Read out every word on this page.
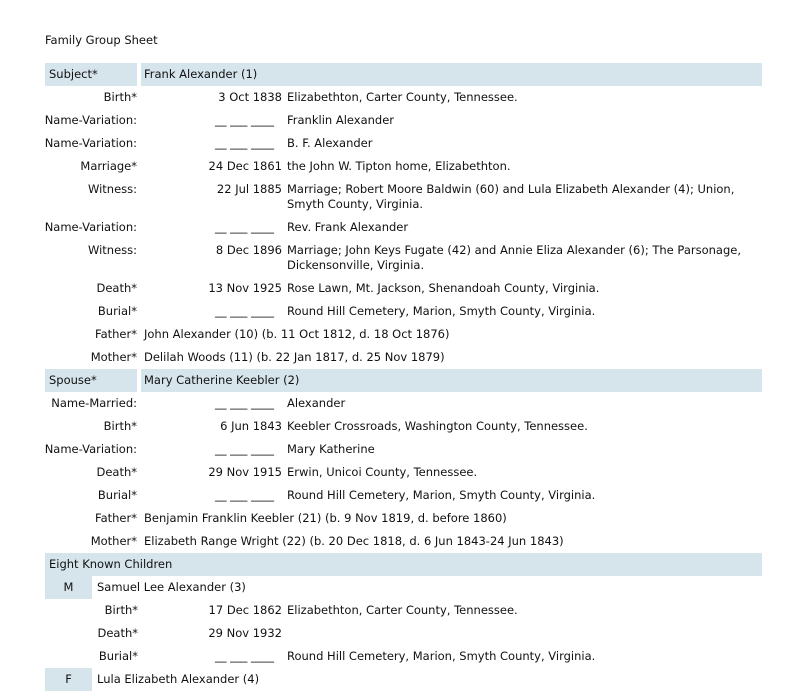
Family Group Sheet
Subject*	Frank Alexander (1)
Birth*	3 Oct 1838 Elizabethton, Carter County, Tennessee.
Name-Variation:	__ ___ ____ Franklin Alexander
Name-Variation:	__ ___ ____ B. F. Alexander
Marriage*	24 Dec 1861 the John W. Tipton home, Elizabethton.
Witness:	22 Jul 1885 Marriage; Robert Moore Baldwin (60) and Lula Elizabeth Alexander (4); Union, Smyth County, Virginia.
Name-Variation:	__ ___ ____ Rev. Frank Alexander
Witness:	8 Dec 1896 Marriage; John Keys Fugate (42) and Annie Eliza Alexander (6); The Parsonage, Dickensonville, Virginia.
Death*	13 Nov 1925 Rose Lawn, Mt. Jackson, Shenandoah County, Virginia.
Burial*	__ ___ ____ Round Hill Cemetery, Marion, Smyth County, Virginia.
Father* John Alexander (10) (b. 11 Oct 1812, d. 18 Oct 1876)
Mother* Delilah Woods (11) (b. 22 Jan 1817, d. 25 Nov 1879)
Spouse*	Mary Catherine Keebler (2)
Name-Married:	__ ___ ____ Alexander
Birth*	6 Jun 1843 Keebler Crossroads, Washington County, Tennessee.
Name-Variation:	__ ___ ____ Mary Katherine
Death*	29 Nov 1915 Erwin, Unicoi County, Tennessee.
Burial*	__ ___ ____ Round Hill Cemetery, Marion, Smyth County, Virginia.
Father* Benjamin Franklin Keebler (21) (b. 9 Nov 1819, d. before 1860)
Mother* Elizabeth Range Wright (22) (b. 20 Dec 1818, d. 6 Jun 1843-24 Jun 1843)
Eight Known Children
M	Samuel Lee Alexander (3)
Birth*	17 Dec 1862 Elizabethton, Carter County, Tennessee.
Death*	29 Nov 1932
Burial*	__ ___ ____ Round Hill Cemetery, Marion, Smyth County, Virginia.
F	Lula Elizabeth Alexander (4)
